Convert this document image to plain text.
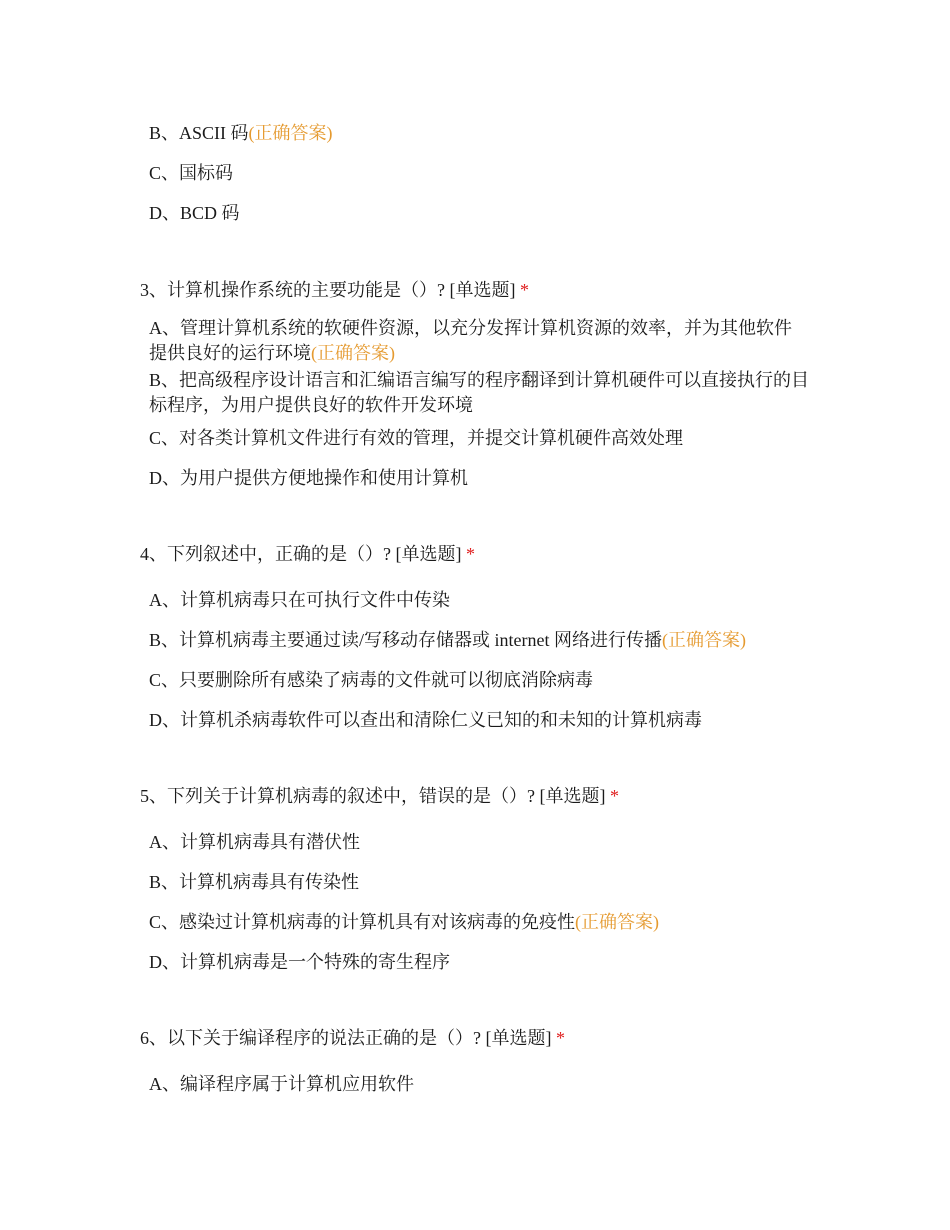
B、ASCII 码(正确答案)
C、国标码
D、BCD 码
3、计算机操作系统的主要功能是（）? [单选题] *
A、管理计算机系统的软硬件资源，以充分发挥计算机资源的效率，并为其他软件提供良好的运行环境(正确答案)
B、把高级程序设计语言和汇编语言编写的程序翻译到计算机硬件可以直接执行的目标程序，为用户提供良好的软件开发环境
C、对各类计算机文件进行有效的管理，并提交计算机硬件高效处理
D、为用户提供方便地操作和使用计算机
4、下列叙述中，正确的是（）? [单选题] *
A、计算机病毒只在可执行文件中传染
B、计算机病毒主要通过读/写移动存储器或 internet 网络进行传播(正确答案)
C、只要删除所有感染了病毒的文件就可以彻底消除病毒
D、计算机杀病毒软件可以查出和清除仁义已知的和未知的计算机病毒
5、下列关于计算机病毒的叙述中，错误的是（）? [单选题] *
A、计算机病毒具有潜伏性
B、计算机病毒具有传染性
C、感染过计算机病毒的计算机具有对该病毒的免疫性(正确答案)
D、计算机病毒是一个特殊的寄生程序
6、以下关于编译程序的说法正确的是（）? [单选题] *
A、编译程序属于计算机应用软件
